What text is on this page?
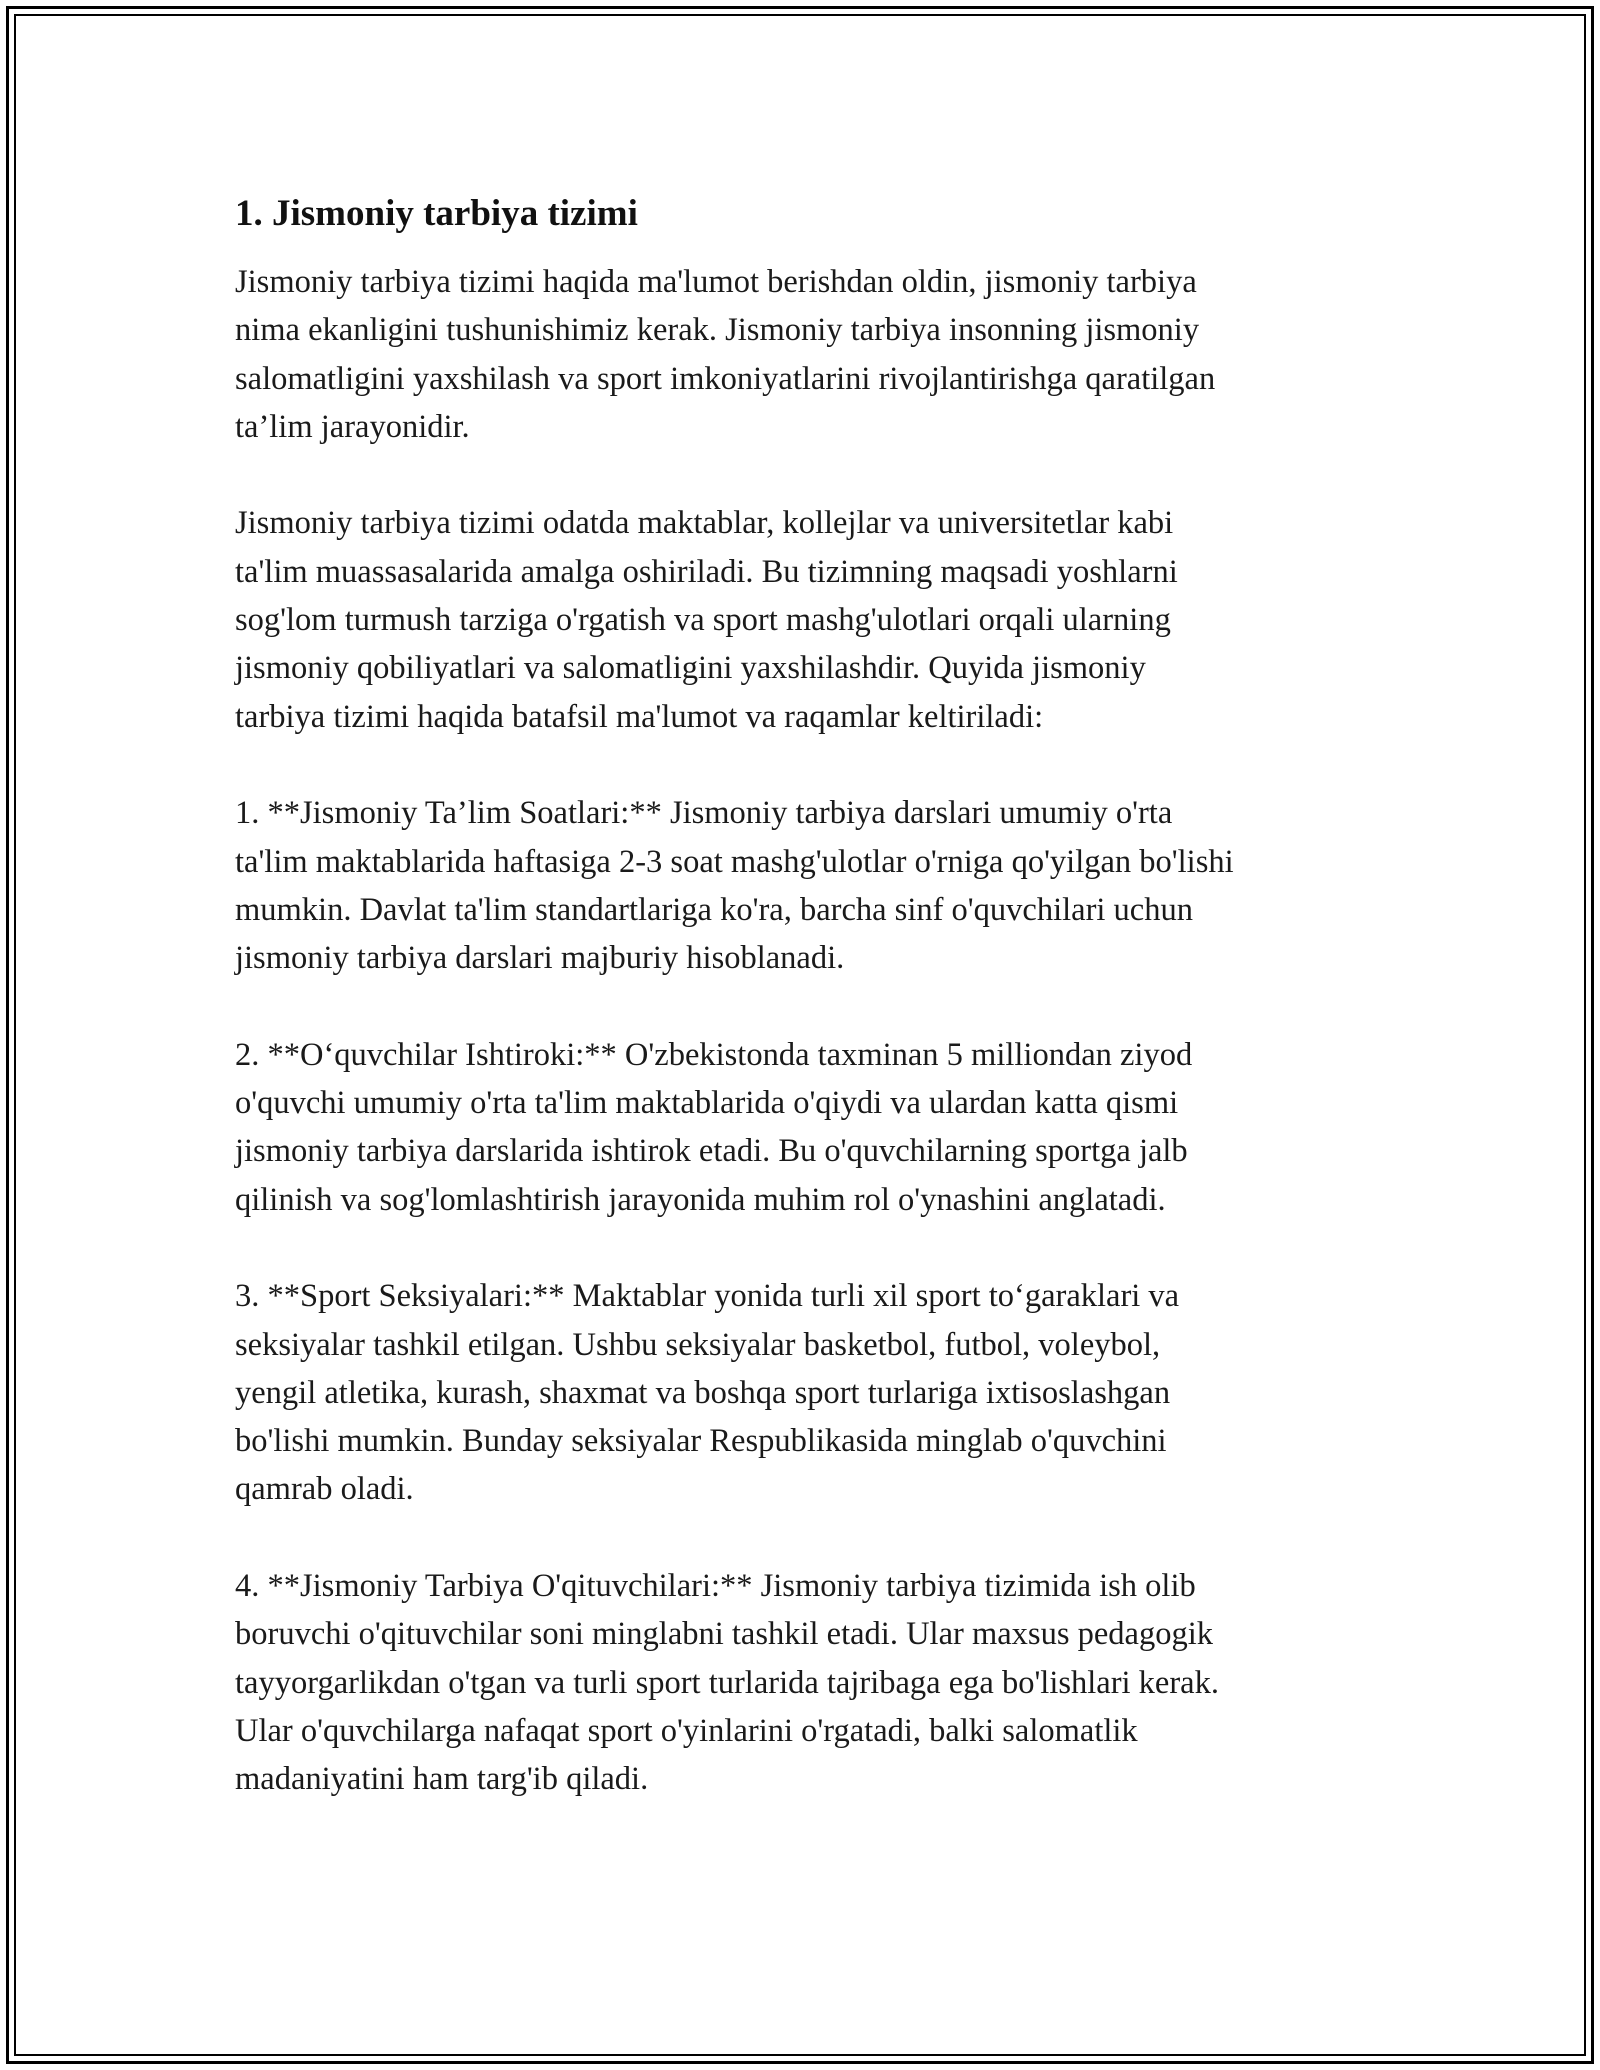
1. Jismoniy tarbiya tizimi

Jismoniy tarbiya tizimi haqida ma'lumot berishdan oldin, jismoniy tarbiya
nima ekanligini tushunishimiz kerak. Jismoniy tarbiya insonning jismoniy
salomatligini yaxshilash va sport imkoniyatlarini rivojlantirishga qaratilgan
ta’lim jarayonidir.

Jismoniy tarbiya tizimi odatda maktablar, kollejlar va universitetlar kabi
ta'lim muassasalarida amalga oshiriladi. Bu tizimning maqsadi yoshlarni
sog'lom turmush tarziga o'rgatish va sport mashg'ulotlari orqali ularning
jismoniy qobiliyatlari va salomatligini yaxshilashdir. Quyida jismoniy
tarbiya tizimi haqida batafsil ma'lumot va raqamlar keltiriladi:

1. **Jismoniy Ta’lim Soatlari:** Jismoniy tarbiya darslari umumiy o'rta
ta'lim maktablarida haftasiga 2-3 soat mashg'ulotlar o'rniga qo'yilgan bo'lishi
mumkin. Davlat ta'lim standartlariga ko'ra, barcha sinf o'quvchilari uchun
jismoniy tarbiya darslari majburiy hisoblanadi.

2. **O‘quvchilar Ishtiroki:** O'zbekistonda taxminan 5 milliondan ziyod
o'quvchi umumiy o'rta ta'lim maktablarida o'qiydi va ulardan katta qismi
jismoniy tarbiya darslarida ishtirok etadi. Bu o'quvchilarning sportga jalb
qilinish va sog'lomlashtirish jarayonida muhim rol o'ynashini anglatadi.

3. **Sport Seksiyalari:** Maktablar yonida turli xil sport to‘garaklari va
seksiyalar tashkil etilgan. Ushbu seksiyalar basketbol, futbol, voleybol,
yengil atletika, kurash, shaxmat va boshqa sport turlariga ixtisoslashgan
bo'lishi mumkin. Bunday seksiyalar Respublikasida minglab o'quvchini
qamrab oladi.

4. **Jismoniy Tarbiya O'qituvchilari:** Jismoniy tarbiya tizimida ish olib
boruvchi o'qituvchilar soni minglabni tashkil etadi. Ular maxsus pedagogik
tayyorgarlikdan o'tgan va turli sport turlarida tajribaga ega bo'lishlari kerak.
Ular o'quvchilarga nafaqat sport o'yinlarini o'rgatadi, balki salomatlik
madaniyatini ham targ'ib qiladi.
